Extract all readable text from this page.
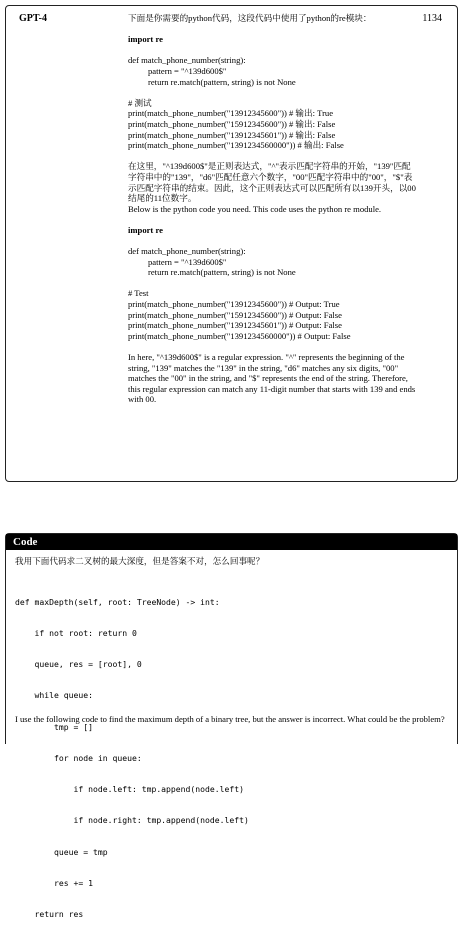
GPT-4	1134

下面是你需要的python代码，这段代码中使用了python的re模块：

import re

def match_phone_number(string):

pattern = "^139d600$"

return re.match(pattern, string) is not None

# 测试

print(match_phone_number("13912345600")) # 输出: True

print(match_phone_number("15912345600")) # 输出: False

print(match_phone_number("13912345601")) # 输出: False

print(match_phone_number("1391234560000")) # 输出: False

在这里，"^139d600$"是正则表达式，"^"表示匹配字符串的开始，"139"匹配字符串中的"139"，"d6"匹配任意六个数字，"00"匹配字符串中的"00"，"$"表示匹配字符串的结束。因此，这个正则表达式可以匹配所有以139开头，以00结尾的11位数字。

Below is the python code you need. This code uses the python re module.

import re

def match_phone_number(string):

pattern = "^139d600$"

return re.match(pattern, string) is not None

# Test

print(match_phone_number("13912345600")) # Output: True

print(match_phone_number("15912345600")) # Output: False

print(match_phone_number("13912345601")) # Output: False

print(match_phone_number("1391234560000")) # Output: False

In here, "^139d600$" is a regular expression. "^" represents the beginning of the string, "139" matches the "139" in the string, "d6" matches any six digits, "00" matches the "00" in the string, and "$" represents the end of the string. Therefore, this regular expression can match any 11-digit number that starts with 139 and ends with 00.

Code
我用下面代码求二叉树的最大深度，但是答案不对，怎么回事呢？

def maxDepth(self, root: TreeNode) -> int:

if not root: return 0

queue, res = [root], 0

while queue:

tmp = []

for node in queue:

if node.left: tmp.append(node.left)

if node.right: tmp.append(node.left)

queue = tmp

res += 1

return res

I use the following code to find the maximum depth of a binary tree, but the answer is incorrect. What could be the problem?
